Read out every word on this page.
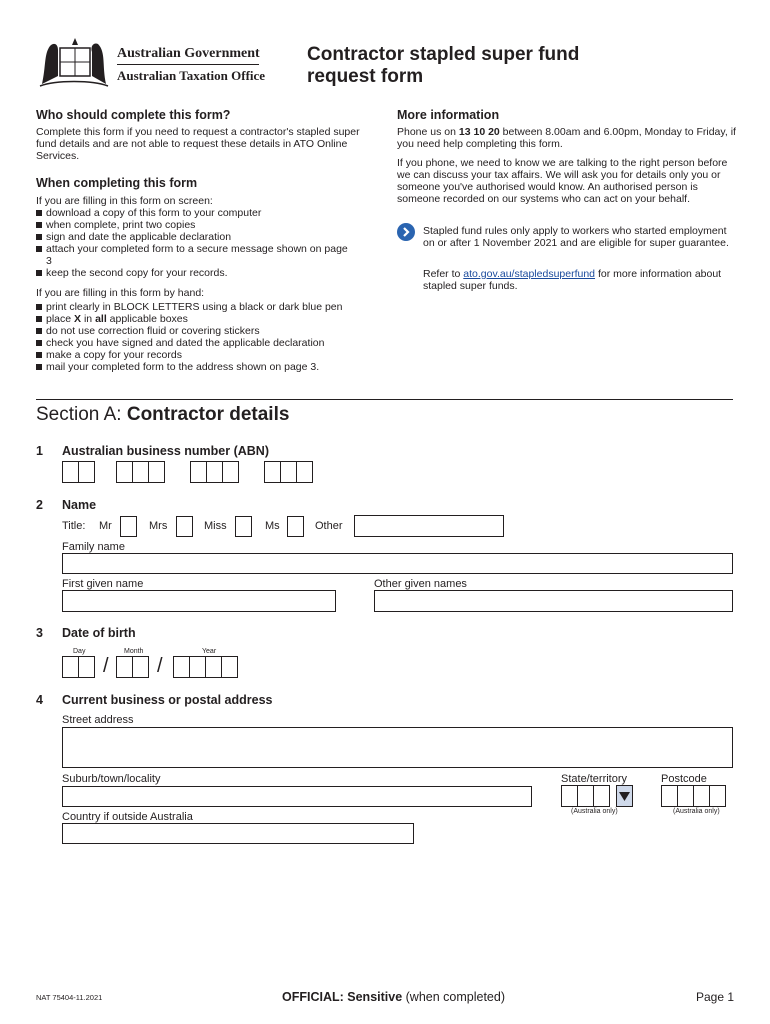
Australian Government
Australian Taxation Office
Contractor stapled super fund request form
Who should complete this form?

Complete this form if you need to request a contractor's stapled super fund details and are not able to request these details in ATO Online Services.

When completing this form

If you are filling in this form on screen:

download a copy of this form to your computer
when complete, print two copies
sign and date the applicable declaration
attach your completed form to a secure message shown on page 3
keep the second copy for your records.

If you are filling in this form by hand:

print clearly in BLOCK LETTERS using a black or dark blue pen
place X in all applicable boxes
do not use correction fluid or covering stickers
check you have signed and dated the applicable declaration
make a copy for your records
mail your completed form to the address shown on page 3.
More information

Phone us on 13 10 20 between 8.00am and 6.00pm, Monday to Friday, if you need help completing this form.

If you phone, we need to know we are talking to the right person before we can discuss your tax affairs. We will ask you for details only you or someone you've authorised would know. An authorised person is someone recorded on our systems who can act on your behalf.

Stapled fund rules only apply to workers who started employment on or after 1 November 2021 and are eligible for super guarantee.

Refer to ato.gov.au/stapledsuperfund for more information about stapled super funds.

Section A: Contractor details
1 Australian business number (ABN)
2 Name
Title: Mr	Mrs	Miss	Ms	Other
Family name
First given name	Other given names
3 Date of birth
Day	Month	Year
/ /
4 Current business or postal address
Street address
Suburb/town/locality	State/territory
(Australia only)
Postcode
(Australia only)
Country if outside Australia
NAT 75404-11.2021	OFFICIAL: Sensitive (when completed)	Page 1
